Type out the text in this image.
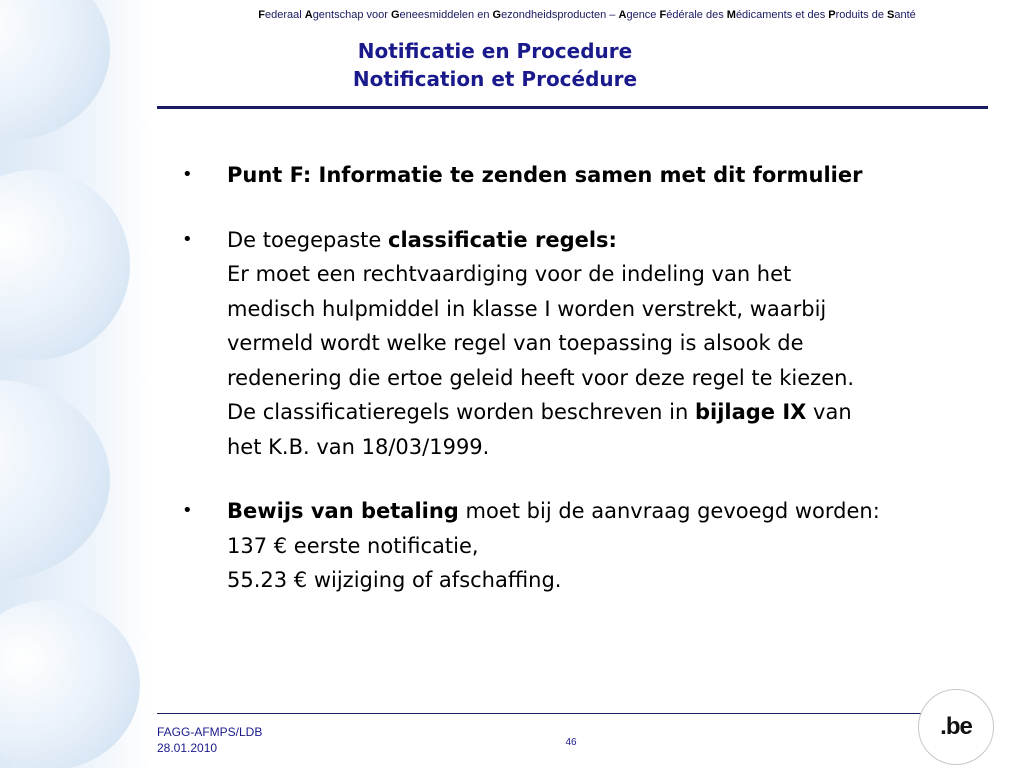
Federaal Agentschap voor Geneesmiddelen en Gezondheidsproducten – Agence Fédérale des Médicaments et des Produits de Santé
Notificatie en Procedure
Notification et Procédure
• Punt F: Informatie te zenden samen met dit formulier
• De toegepaste classificatie regels:
Er moet een rechtvaardiging voor de indeling van het
medisch hulpmiddel in klasse I worden verstrekt, waarbij
vermeld wordt welke regel van toepassing is alsook de
redenering die ertoe geleid heeft voor deze regel te kiezen.
De classificatieregels worden beschreven in bijlage IX van
het K.B. van 18/03/1999.
• Bewijs van betaling moet bij de aanvraag gevoegd worden:
137 € eerste notificatie,
55.23 € wijziging of afschaffing.
FAGG-AFMPS/LDB
28.01.2010	46
.be
